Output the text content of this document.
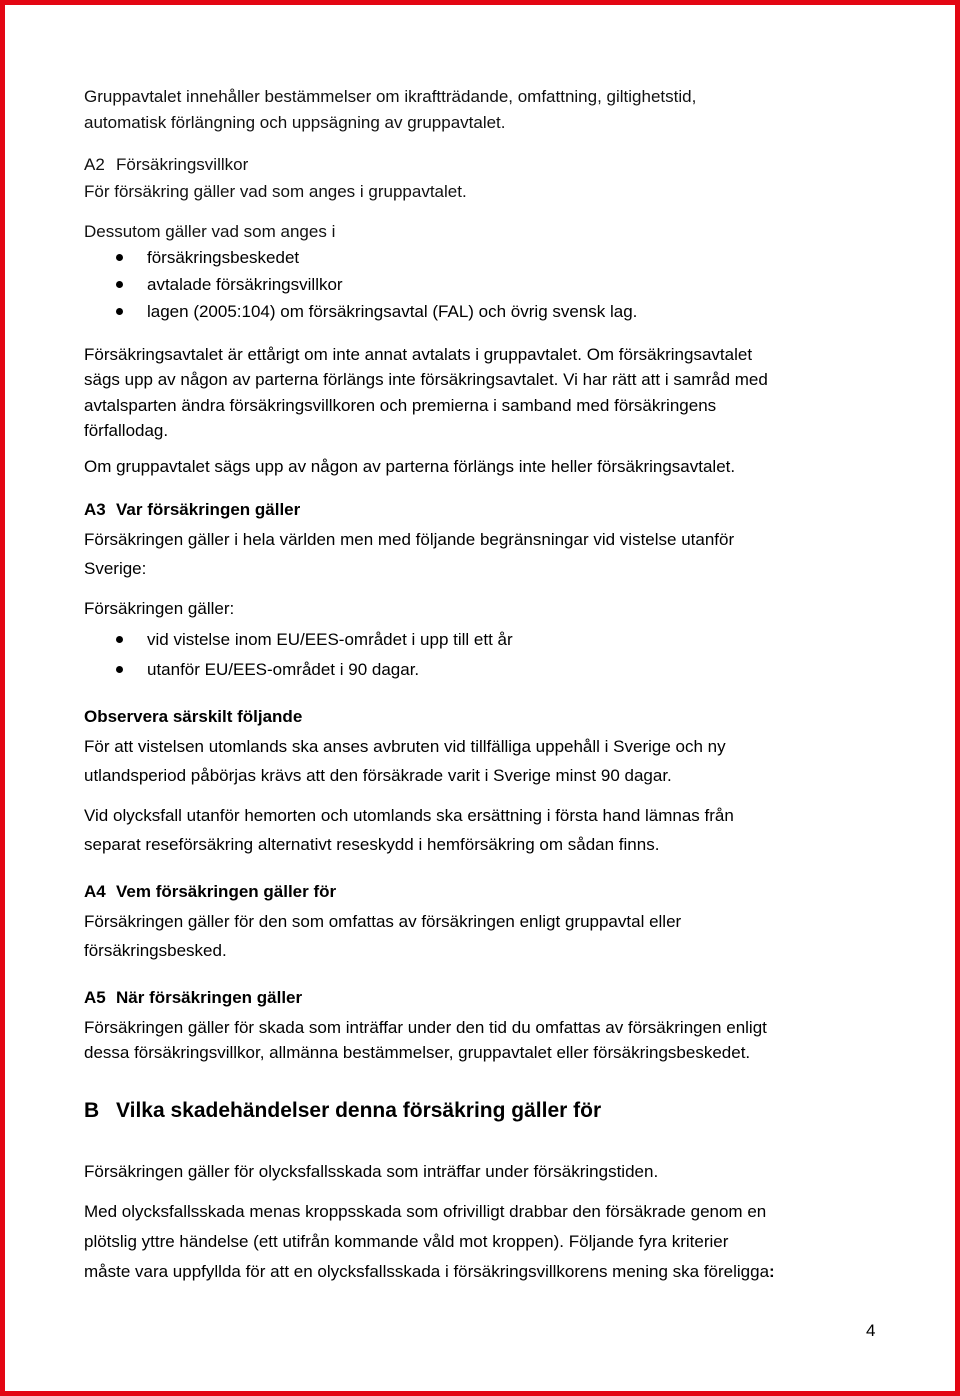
Gruppavtalet innehåller bestämmelser om ikraftträdande, omfattning, giltighetstid,
automatisk förlängning och uppsägning av gruppavtalet.
A2 Försäkringsvillkor
För försäkring gäller vad som anges i gruppavtalet.
Dessutom gäller vad som anges i
försäkringsbeskedet
avtalade försäkringsvillkor
lagen (2005:104) om försäkringsavtal (FAL) och övrig svensk lag.
Försäkringsavtalet är ettårigt om inte annat avtalats i gruppavtalet. Om försäkringsavtalet
sägs upp av någon av parterna förlängs inte försäkringsavtalet. Vi har rätt att i samråd med
avtalsparten ändra försäkringsvillkoren och premierna i samband med försäkringens
förfallodag.
Om gruppavtalet sägs upp av någon av parterna förlängs inte heller försäkringsavtalet.
A3 Var försäkringen gäller
Försäkringen gäller i hela världen men med följande begränsningar vid vistelse utanför
Sverige:
Försäkringen gäller:
vid vistelse inom EU/EES-området i upp till ett år
utanför EU/EES-området i 90 dagar.
Observera särskilt följande
För att vistelsen utomlands ska anses avbruten vid tillfälliga uppehåll i Sverige och ny
utlandsperiod påbörjas krävs att den försäkrade varit i Sverige minst 90 dagar.
Vid olycksfall utanför hemorten och utomlands ska ersättning i första hand lämnas från
separat reseförsäkring alternativt reseskydd i hemförsäkring om sådan finns.
A4 Vem försäkringen gäller för
Försäkringen gäller för den som omfattas av försäkringen enligt gruppavtal eller
försäkringsbesked.
A5 När försäkringen gäller
Försäkringen gäller för skada som inträffar under den tid du omfattas av försäkringen enligt
dessa försäkringsvillkor, allmänna bestämmelser, gruppavtalet eller försäkringsbeskedet.
B Vilka skadehändelser denna försäkring gäller för
Försäkringen gäller för olycksfallsskada som inträffar under försäkringstiden.
Med olycksfallsskada menas kroppsskada som ofrivilligt drabbar den försäkrade genom en
plötslig yttre händelse (ett utifrån kommande våld mot kroppen). Följande fyra kriterier
måste vara uppfyllda för att en olycksfallsskada i försäkringsvillkorens mening ska föreligga:
4
